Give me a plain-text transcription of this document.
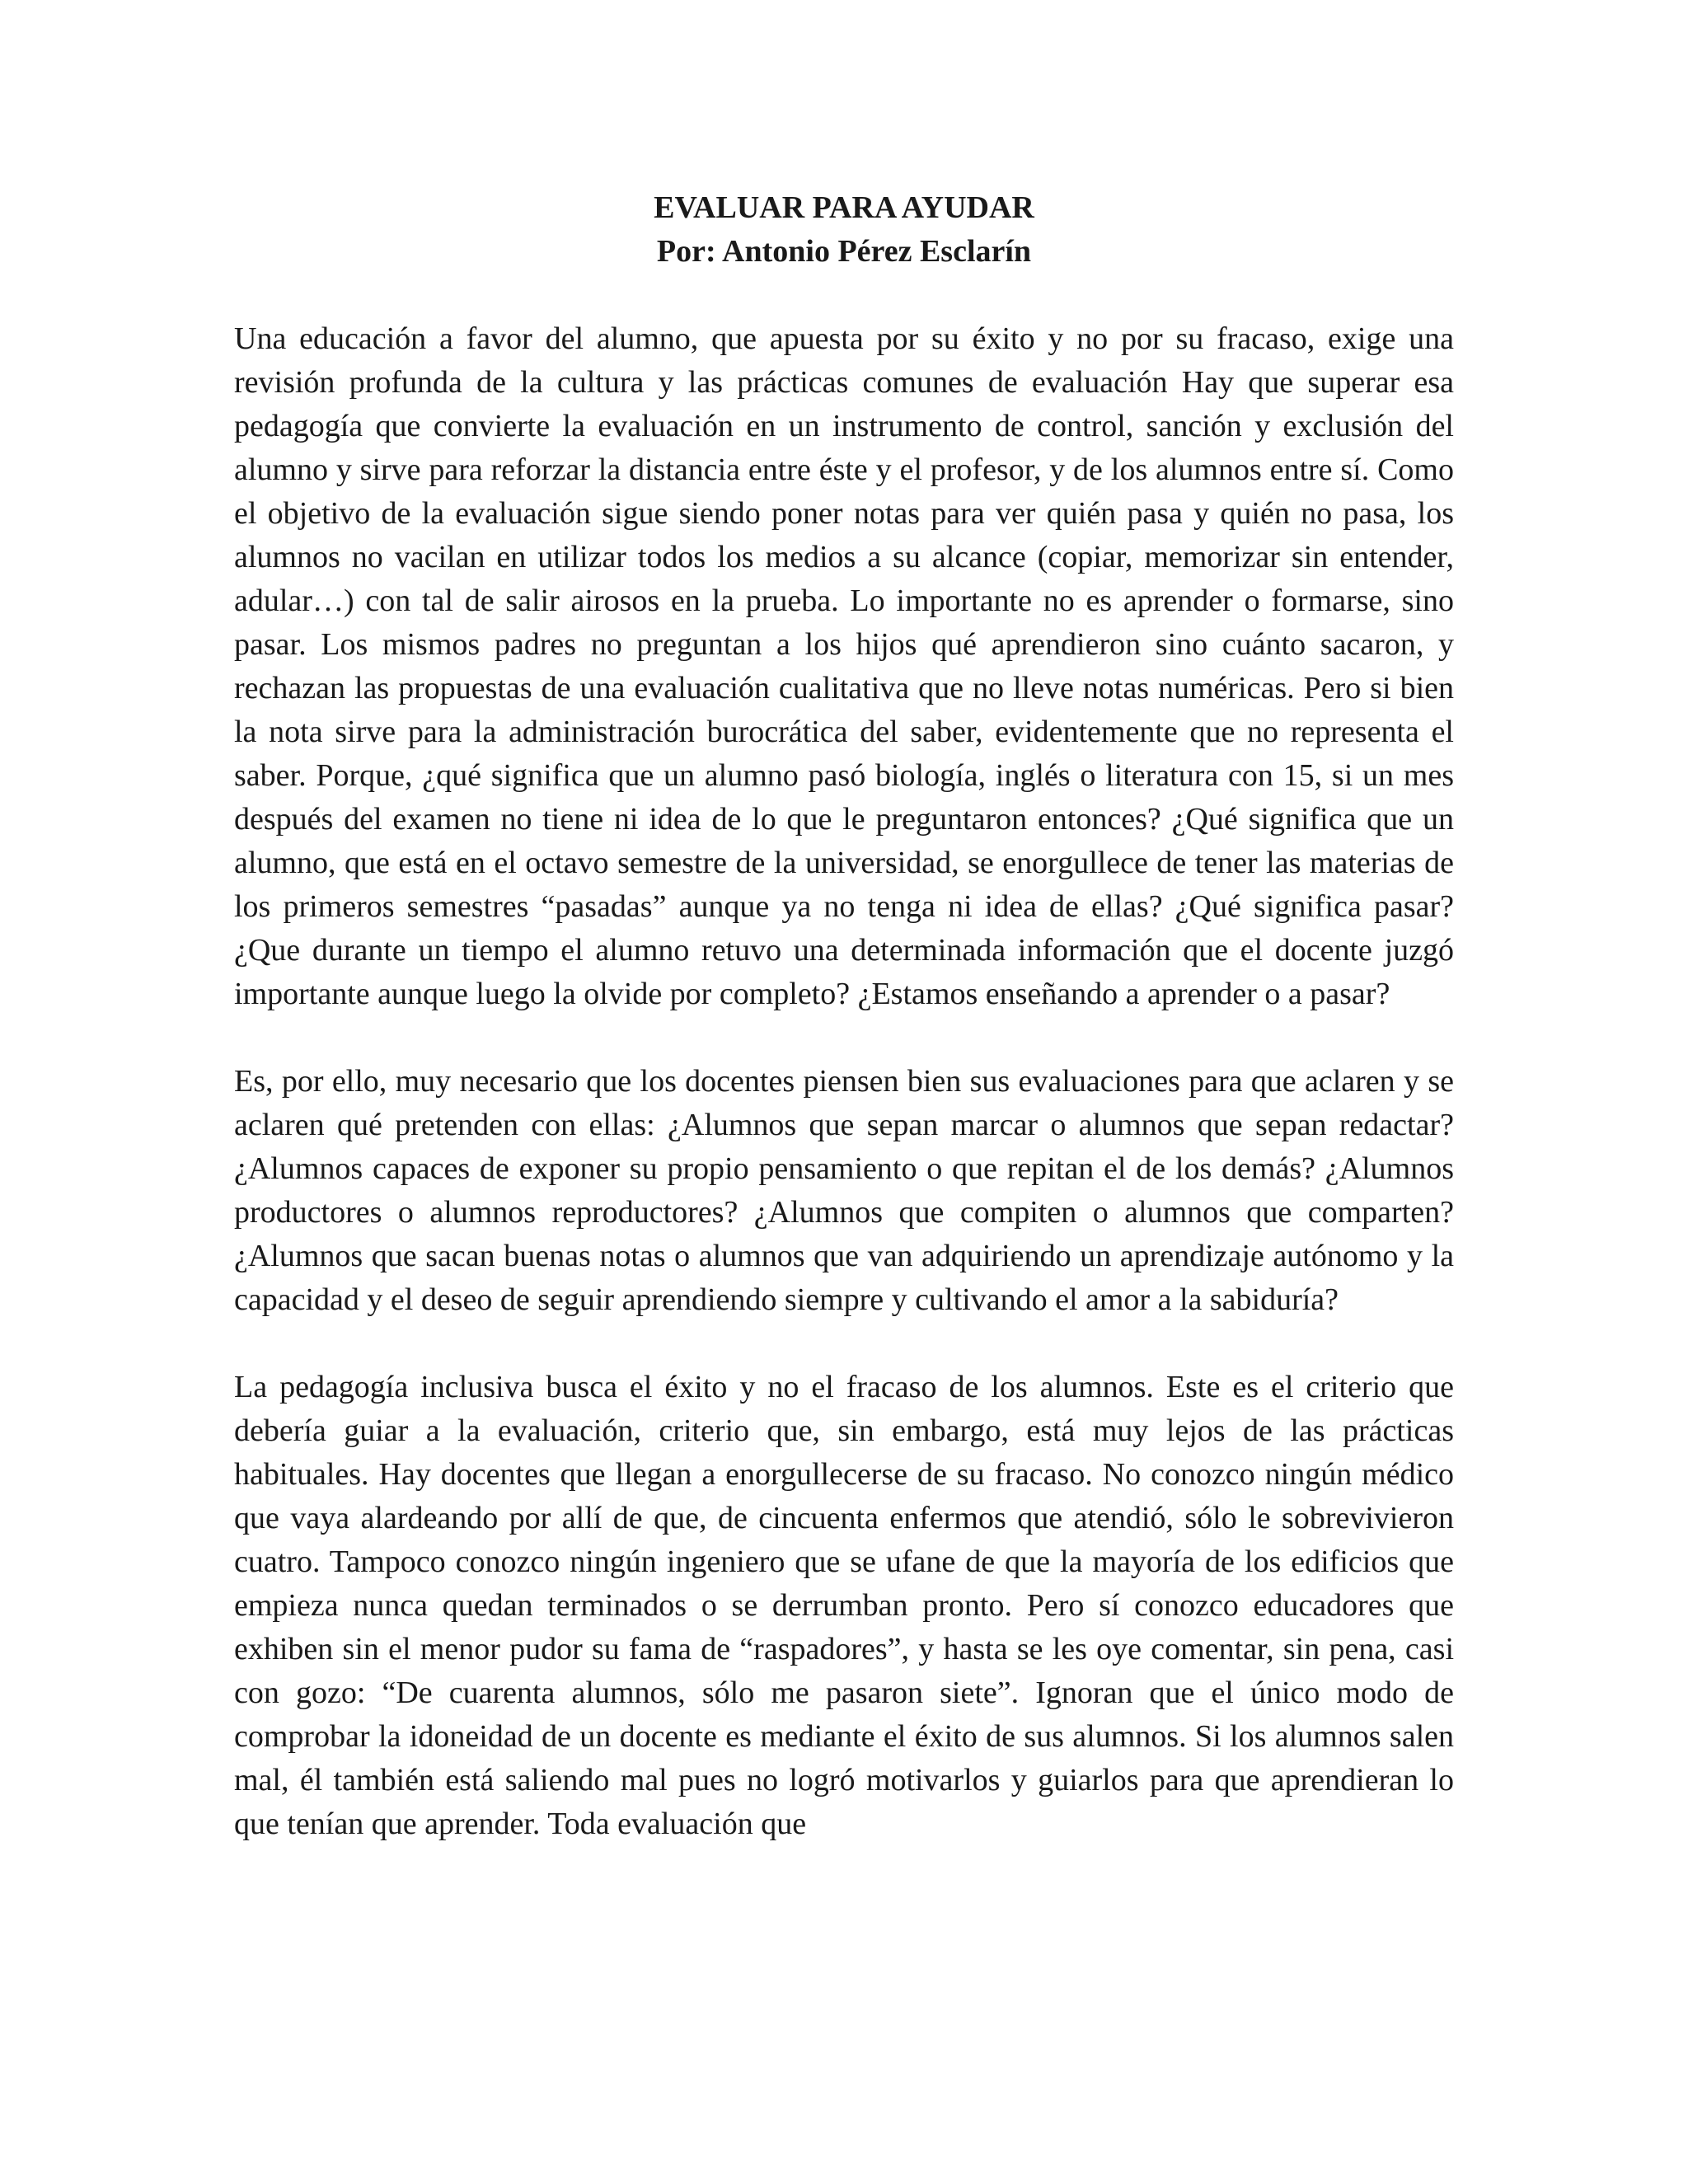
EVALUAR PARA AYUDAR
Por: Antonio Pérez Esclarín

Una educación a favor del alumno, que apuesta por su éxito y no por su fracaso, exige una revisión profunda de la cultura y las prácticas comunes de evaluación Hay que superar esa pedagogía que convierte la evaluación en un instrumento de control, sanción y exclusión del alumno y sirve para reforzar la distancia entre éste y el profesor, y de los alumnos entre sí. Como el objetivo de la evaluación sigue siendo poner notas para ver quién pasa y quién no pasa, los alumnos no vacilan en utilizar todos los medios a su alcance (copiar, memorizar sin entender, adular…) con tal de salir airosos en la prueba. Lo importante no es aprender o formarse, sino pasar. Los mismos padres no preguntan a los hijos qué aprendieron sino cuánto sacaron, y rechazan las propuestas de una evaluación cualitativa que no lleve notas numéricas. Pero si bien la nota sirve para la administración burocrática del saber, evidentemente que no representa el saber. Porque, ¿qué significa que un alumno pasó biología, inglés o literatura con 15, si un mes después del examen no tiene ni idea de lo que le preguntaron entonces? ¿Qué significa que un alumno, que está en el octavo semestre de la universidad, se enorgullece de tener las materias de los primeros semestres “pasadas” aunque ya no tenga ni idea de ellas? ¿Qué significa pasar? ¿Que durante un tiempo el alumno retuvo una determinada información que el docente juzgó importante aunque luego la olvide por completo? ¿Estamos enseñando a aprender o a pasar?

Es, por ello, muy necesario que los docentes piensen bien sus evaluaciones para que aclaren y se aclaren qué pretenden con ellas: ¿Alumnos que sepan marcar o alumnos que sepan redactar? ¿Alumnos capaces de exponer su propio pensamiento o que repitan el de los demás? ¿Alumnos productores o alumnos reproductores? ¿Alumnos que compiten o alumnos que comparten? ¿Alumnos que sacan buenas notas o alumnos que van adquiriendo un aprendizaje autónomo y la capacidad y el deseo de seguir aprendiendo siempre y cultivando el amor a la sabiduría?

La pedagogía inclusiva busca el éxito y no el fracaso de los alumnos. Este es el criterio que debería guiar a la evaluación, criterio que, sin embargo, está muy lejos de las prácticas habituales. Hay docentes que llegan a enorgullecerse de su fracaso. No conozco ningún médico que vaya alardeando por allí de que, de cincuenta enfermos que atendió, sólo le sobrevivieron cuatro. Tampoco conozco ningún ingeniero que se ufane de que la mayoría de los edificios que empieza nunca quedan terminados o se derrumban pronto. Pero sí conozco educadores que exhiben sin el menor pudor su fama de “raspadores”, y hasta se les oye comentar, sin pena, casi con gozo: “De cuarenta alumnos, sólo me pasaron siete”. Ignoran que el único modo de comprobar la idoneidad de un docente es mediante el éxito de sus alumnos. Si los alumnos salen mal, él también está saliendo mal pues no logró motivarlos y guiarlos para que aprendieran lo que tenían que aprender. Toda evaluación que
